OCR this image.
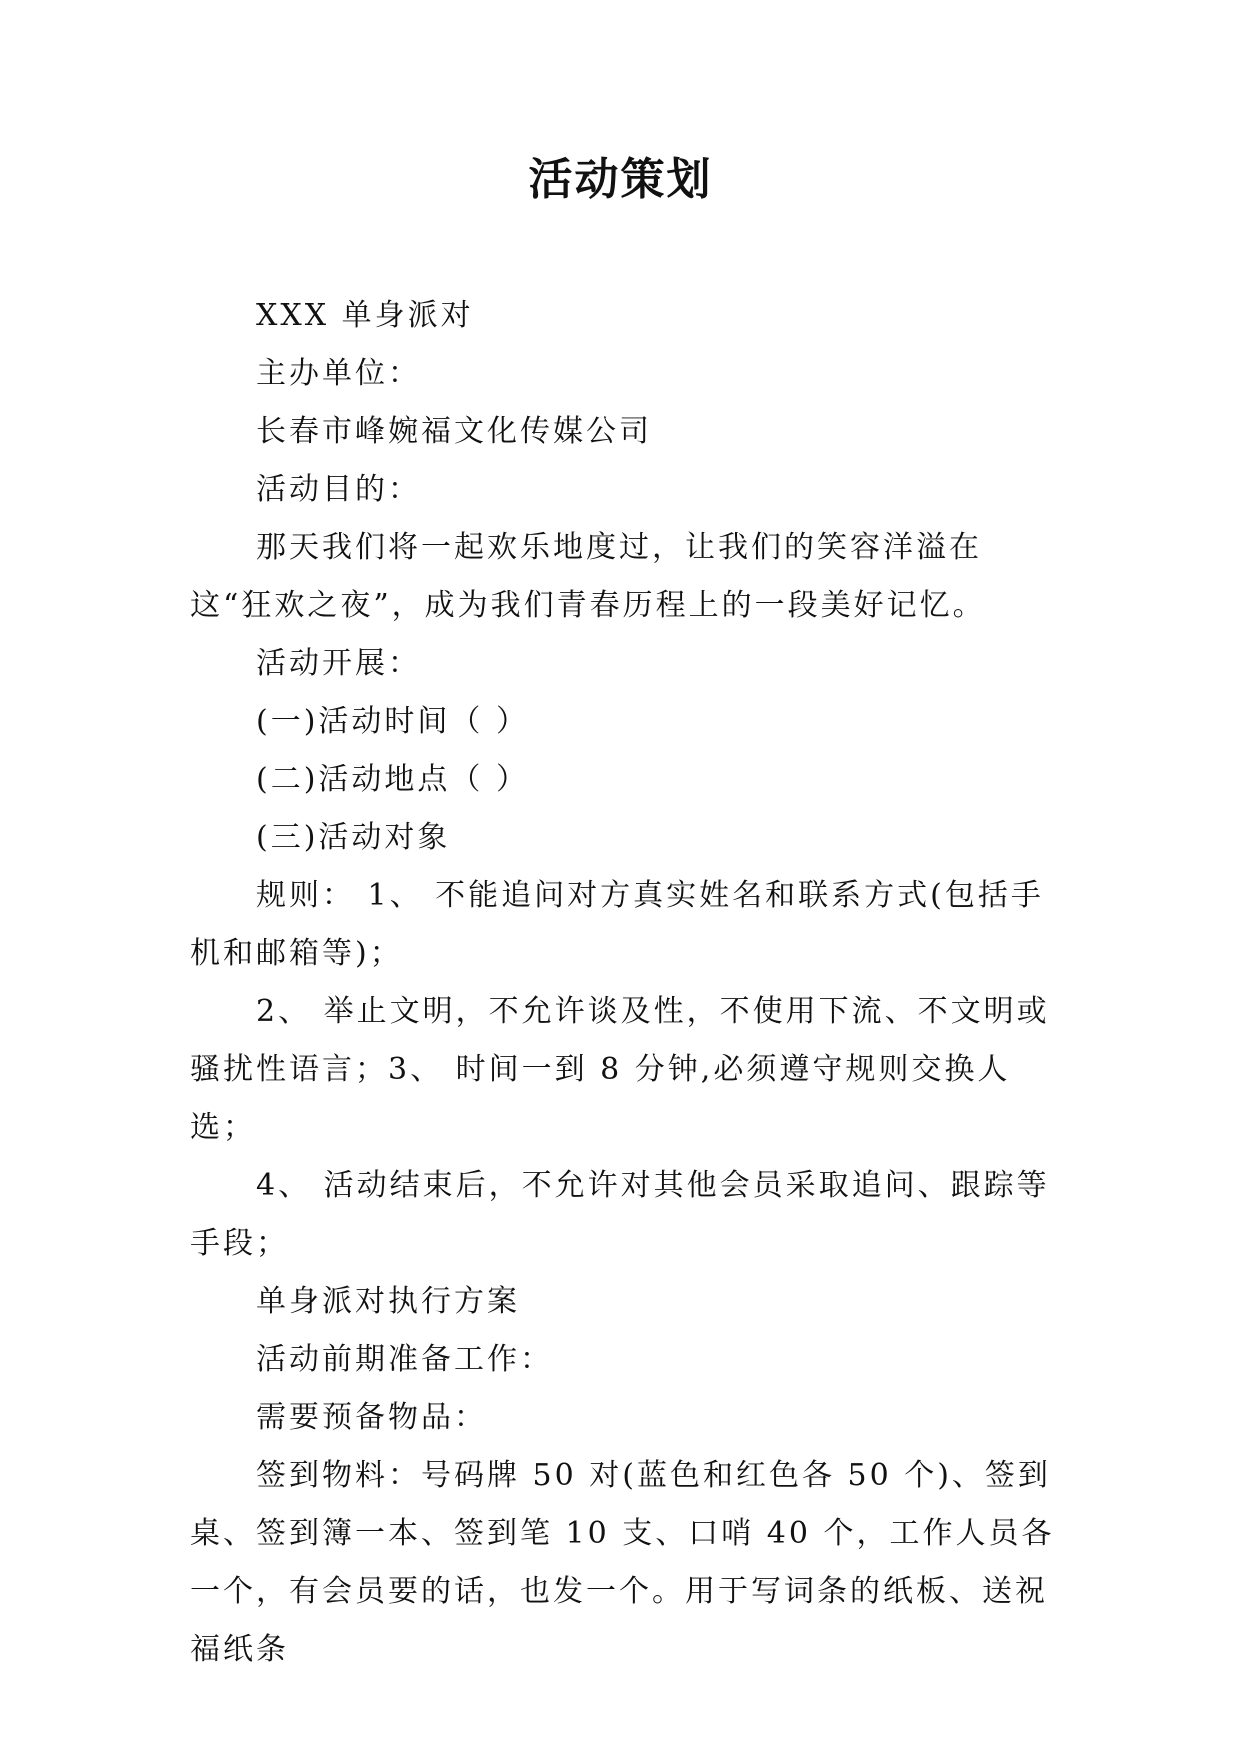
活动策划

XXX 单身派对

主办单位：

长春市峰婉福文化传媒公司

活动目的：

那天我们将一起欢乐地度过，让我们的笑容洋溢在这“狂欢之夜”，成为我们青春历程上的一段美好记忆。

活动开展：

(一)活动时间（ ）

(二)活动地点（ ）

(三)活动对象

规则： 1、 不能追问对方真实姓名和联系方式(包括手机和邮箱等)；

2、 举止文明，不允许谈及性，不使用下流、不文明或骚扰性语言；3、 时间一到 8 分钟,必须遵守规则交换人选；

4、 活动结束后，不允许对其他会员采取追问、跟踪等手段；

单身派对执行方案

活动前期准备工作：

需要预备物品：

签到物料：号码牌 50 对(蓝色和红色各 50 个)、签到桌、签到簿一本、签到笔 10 支、口哨 40 个，工作人员各一个，有会员要的话，也发一个。用于写词条的纸板、送祝福纸条
